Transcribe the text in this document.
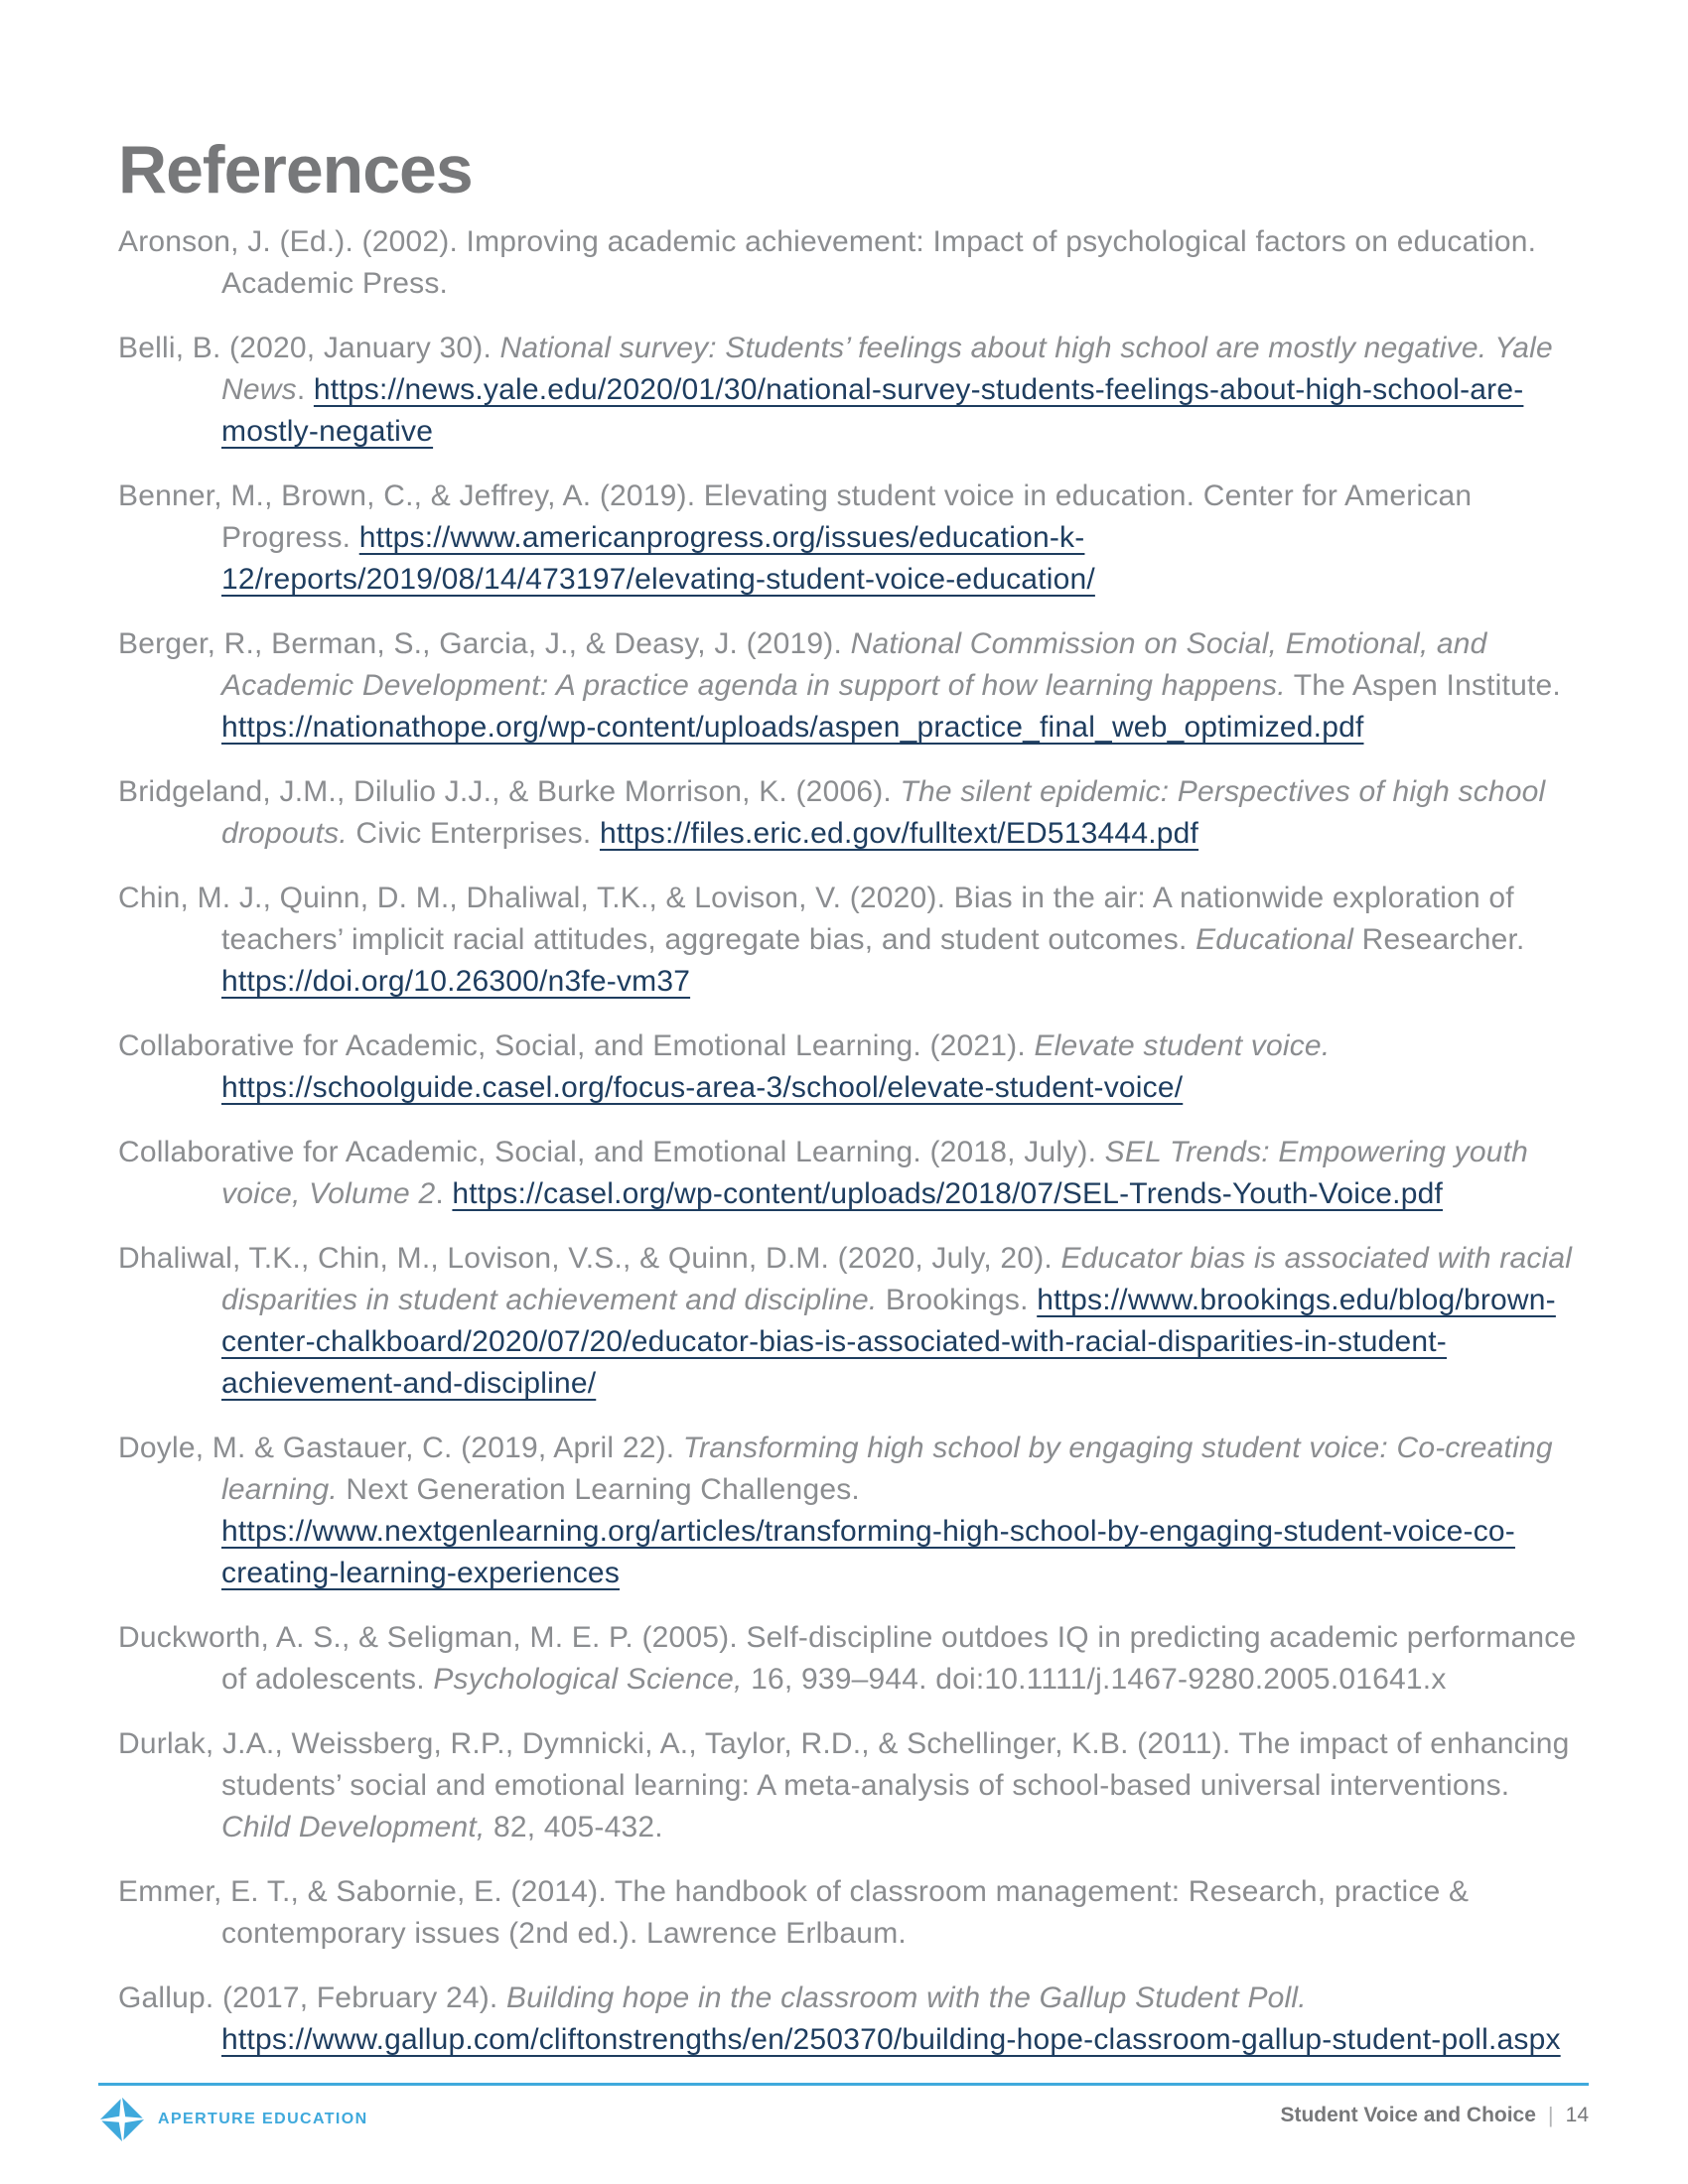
References

Aronson, J. (Ed.). (2002). Improving academic achievement: Impact of psychological factors on education. Academic Press.

Belli, B. (2020, January 30). National survey: Students’ feelings about high school are mostly negative. Yale News. https://news.yale.edu/2020/01/30/national-survey-students-feelings-about-high-school-are-mostly-negative

Benner, M., Brown, C., & Jeffrey, A. (2019). Elevating student voice in education. Center for American Progress. https://www.americanprogress.org/issues/education-k-12/reports/2019/08/14/473197/elevating-student-voice-education/

Berger, R., Berman, S., Garcia, J., & Deasy, J. (2019). National Commission on Social, Emotional, and Academic Development: A practice agenda in support of how learning happens. The Aspen Institute. https://nationathope.org/wp-content/uploads/aspen_practice_final_web_optimized.pdf

Bridgeland, J.M., Dilulio J.J., & Burke Morrison, K. (2006). The silent epidemic: Perspectives of high school dropouts. Civic Enterprises. https://files.eric.ed.gov/fulltext/ED513444.pdf

Chin, M. J., Quinn, D. M., Dhaliwal, T.K., & Lovison, V. (2020). Bias in the air: A nationwide exploration of teachers’ implicit racial attitudes, aggregate bias, and student outcomes. Educational Researcher. https://doi.org/10.26300/n3fe-vm37

Collaborative for Academic, Social, and Emotional Learning. (2021). Elevate student voice. https://schoolguide.casel.org/focus-area-3/school/elevate-student-voice/

Collaborative for Academic, Social, and Emotional Learning. (2018, July). SEL Trends: Empowering youth voice, Volume 2. https://casel.org/wp-content/uploads/2018/07/SEL-Trends-Youth-Voice.pdf

Dhaliwal, T.K., Chin, M., Lovison, V.S., & Quinn, D.M. (2020, July, 20). Educator bias is associated with racial disparities in student achievement and discipline. Brookings. https://www.brookings.edu/blog/brown-center-chalkboard/2020/07/20/educator-bias-is-associated-with-racial-disparities-in-student-achievement-and-discipline/

Doyle, M. & Gastauer, C. (2019, April 22). Transforming high school by engaging student voice: Co-creating learning. Next Generation Learning Challenges. https://www.nextgenlearning.org/articles/transforming-high-school-by-engaging-student-voice-co-creating-learning-experiences

Duckworth, A. S., & Seligman, M. E. P. (2005). Self-discipline outdoes IQ in predicting academic performance of adolescents. Psychological Science, 16, 939–944. doi:10.1111/j.1467-9280.2005.01641.x

Durlak, J.A., Weissberg, R.P., Dymnicki, A., Taylor, R.D., & Schellinger, K.B. (2011). The impact of enhancing students’ social and emotional learning: A meta-analysis of school-based universal interventions. Child Development, 82, 405-432.

Emmer, E. T., & Sabornie, E. (2014). The handbook of classroom management: Research, practice & contemporary issues (2nd ed.). Lawrence Erlbaum.

Gallup. (2017, February 24). Building hope in the classroom with the Gallup Student Poll. https://www.gallup.com/cliftonstrengths/en/250370/building-hope-classroom-gallup-student-poll.aspx

APERTURE EDUCATION	Student Voice and Choice | 14
